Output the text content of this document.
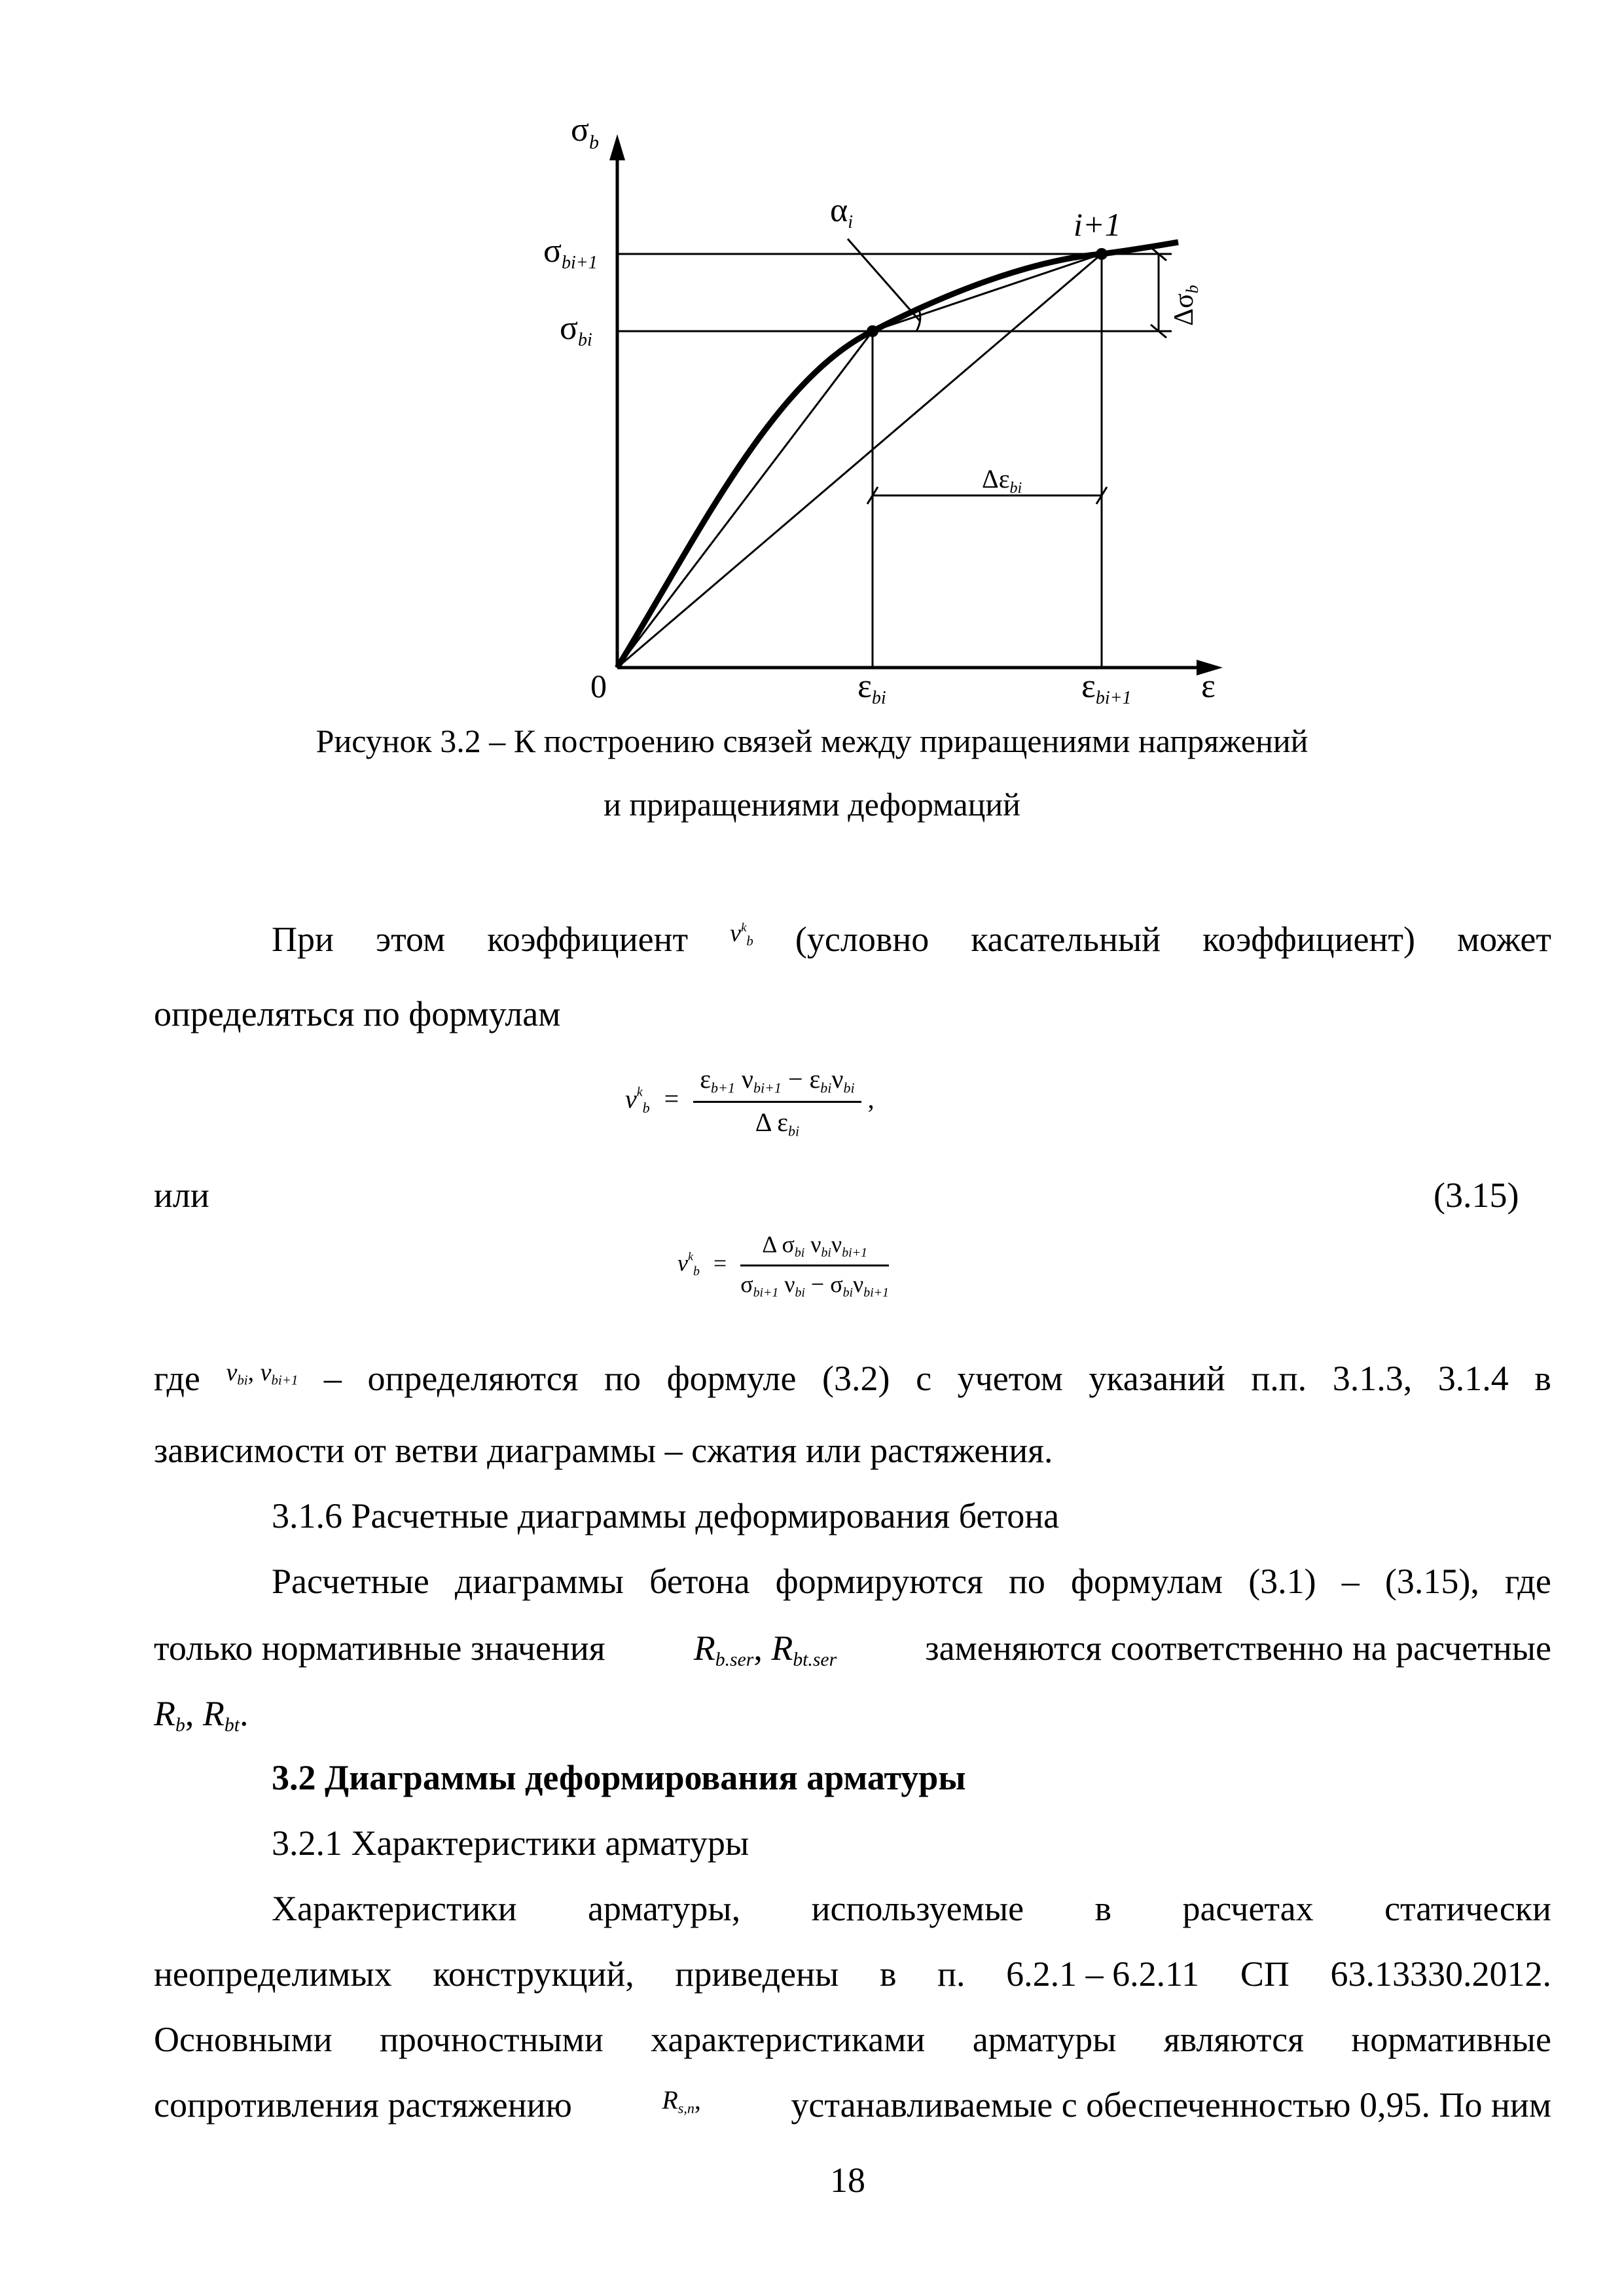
$\sigma_b$
σbi+1
σbi
αi	i+1
Δσb
$\Delta\varepsilon_{bi}$
0	εbi	εbi+1 ε
Рисунок 3.2 – К построению связей между приращениями напряжений
и приращениями деформаций
При этом коэффициент $\nu^k_b$ (условно касательный коэффициент) может
определяться по формулам
$\nu^kb = \frac{\text{εb+1 νbi+1 − εbiνbi}}{\text{Δ εbi}}$ ,
или	(3.15)
$\nu^kb = \frac{\text{Δ σbi νbiνbi+1}}{\text{σbi+1 νbi − σbiνbi+1}}$
где $\nu_{bi}$, $\nu_{bi+1}$ – определяются по формуле (3.2) с учетом указаний п.п. 3.1.3, 3.1.4 в
зависимости от ветви диаграммы – сжатия или растяжения.
3.1.6 Расчетные диаграммы деформирования бетона
Расчетные диаграммы бетона формируются по формулам (3.1) – (3.15), где
только нормативные значения	$R_{b.ser}$, $R_{bt.ser}$	заменяются соответственно на расчетные
$R_b$, $R_{bt}$.
3.2 Диаграммы деформирования арматуры
3.2.1 Характеристики арматуры
Характеристики арматуры, используемые в расчетах статически
неопределимых конструкций, приведены в п. 6.2.1 – 6.2.11 СП 63.13330.2012.
Основными прочностными характеристиками арматуры являются нормативные
сопротивления растяжению	$R_{s,n}$,	устанавливаемые с обеспеченностью 0,95. По ним
18
